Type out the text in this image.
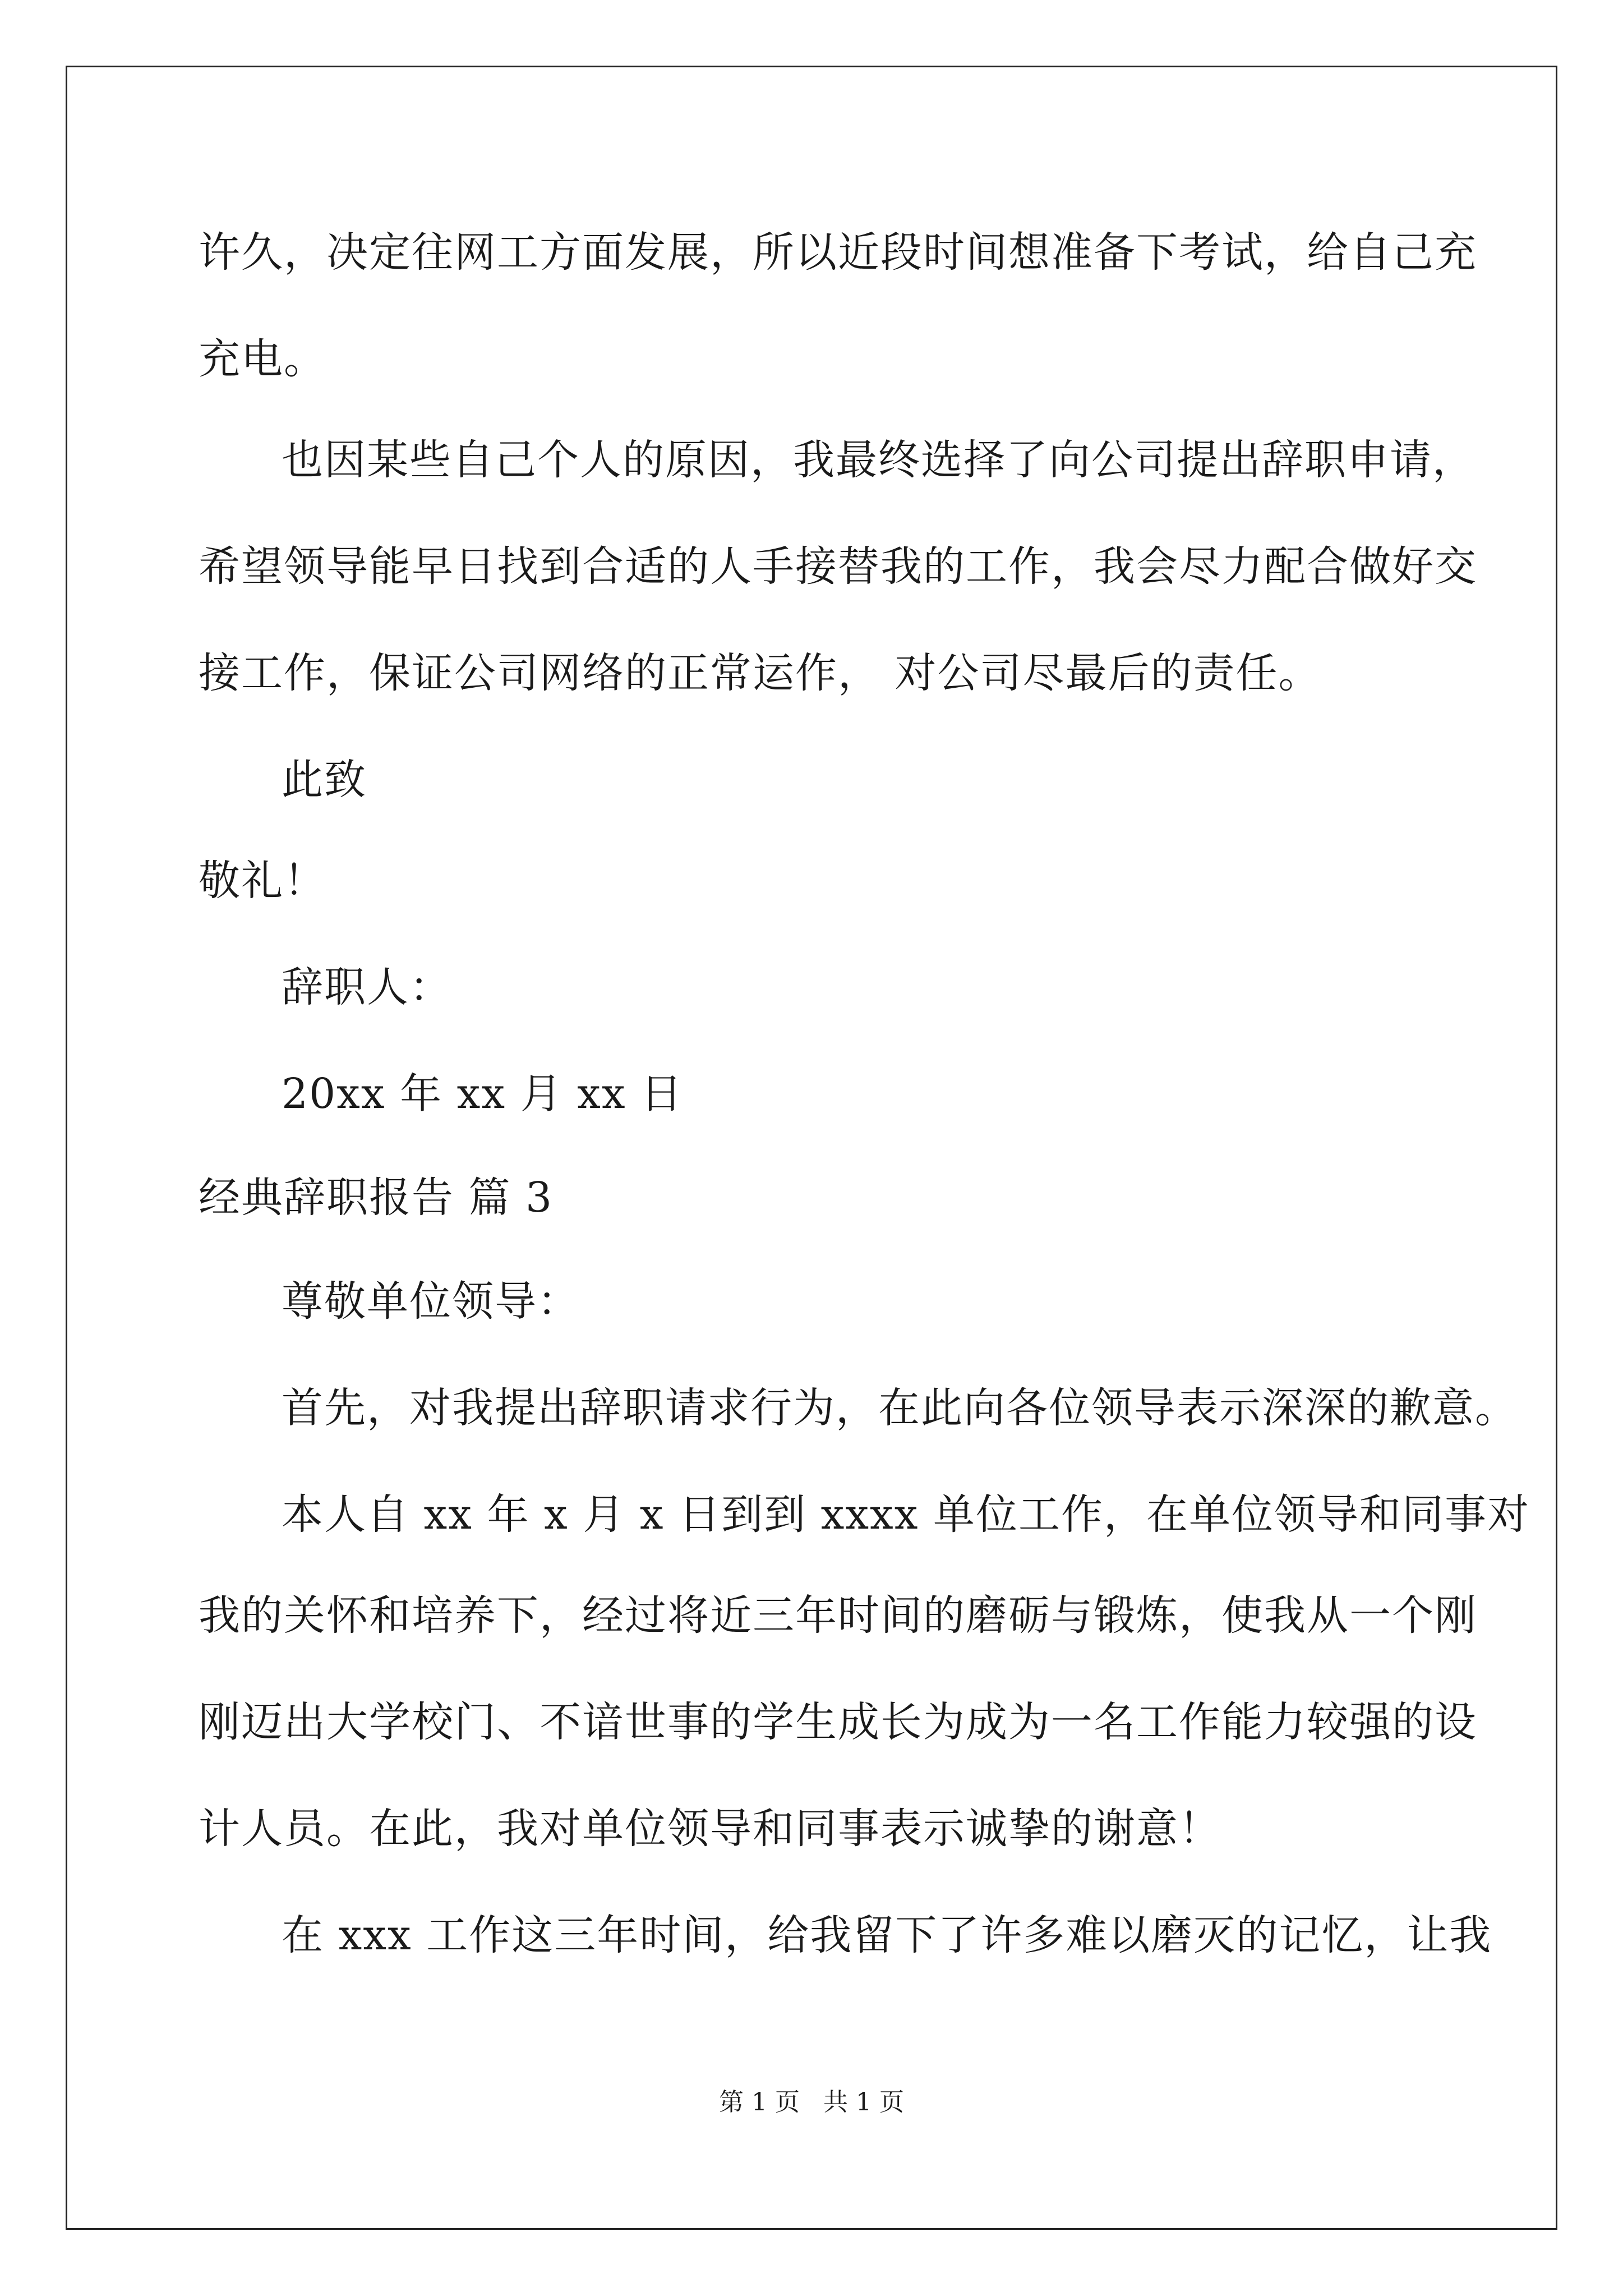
许久，决定往网工方面发展，所以近段时间想准备下考试，给自己充
充电。
也因某些自己个人的原因，我最终选择了向公司提出辞职申请，
希望领导能早日找到合适的人手接替我的工作，我会尽力配合做好交
接工作，保证公司网络的正常运作， 对公司尽最后的责任。
此致
敬礼！
辞职人：
20xx 年 xx 月 xx 日
经典辞职报告 篇 3
尊敬单位领导：
首先，对我提出辞职请求行为，在此向各位领导表示深深的歉意。
本人自 xx 年 x 月 x 日到到 xxxx 单位工作，在单位领导和同事对
我的关怀和培养下，经过将近三年时间的磨砺与锻炼，使我从一个刚
刚迈出大学校门、不谙世事的学生成长为成为一名工作能力较强的设
计人员。在此，我对单位领导和同事表示诚挚的谢意！
在 xxx 工作这三年时间，给我留下了许多难以磨灭的记忆，让我
第 1 页   共 1 页
